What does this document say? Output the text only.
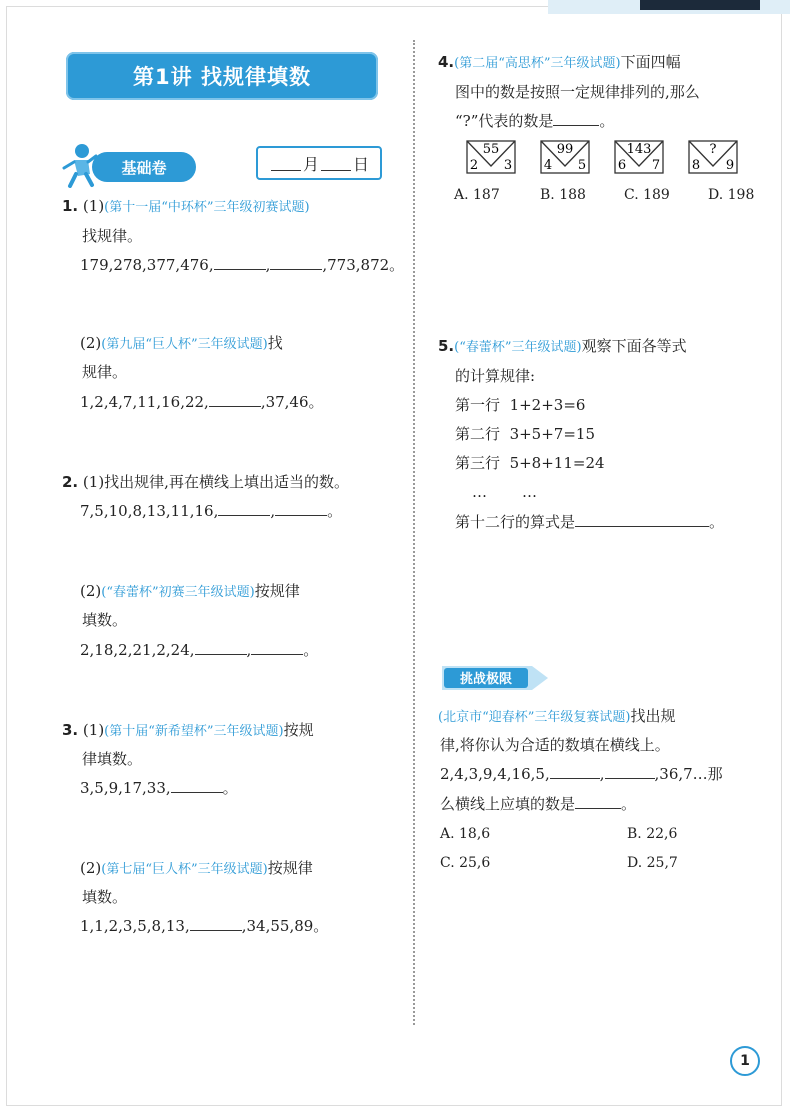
第1讲 找规律填数
基础卷	月 日
1. (1)(第十一届“中环杯”三年级初赛试题)
找规律。
179,278,377,476,	,	,773,872。
(2)(第九届“巨人杯”三年级试题)找
规律。
1,2,4,7,11,16,22,	,37,46。
2. (1)找出规律,再在横线上填出适当的数。
7,5,10,8,13,11,16,	,	。
(2)(“春蕾杯”初赛三年级试题)按规律
填数。
2,18,2,21,2,24,	,	。
3. (1)(第十届“新希望杯”三年级试题)按规
律填数。
3,5,9,17,33,	。
(2)(第七届“巨人杯”三年级试题)按规律
填数。
1,1,2,3,5,8,13,	,34,55,89。
4.(第二届“高思杯”三年级试题)下面四幅
图中的数是按照一定规律排列的,那么
“?”代表的数是	。
55
2 3
99
4 5
143
6 7
?
8 9
A. 187	B. 188	C. 189	D. 198
5.(“春蕾杯”三年级试题)观察下面各等式
的计算规律:
第一行 1+2+3=6
第二行 3+5+7=15
第三行 5+8+11=24
… …
第十二行的算式是	。
挑战极限
(北京市“迎春杯”三年级复赛试题)找出规
律,将你认为合适的数填在横线上。
2,4,3,9,4,16,5,	,	,36,7…那
么横线上应填的数是	。
A. 18,6	B. 22,6
C. 25,6	D. 25,7
1
